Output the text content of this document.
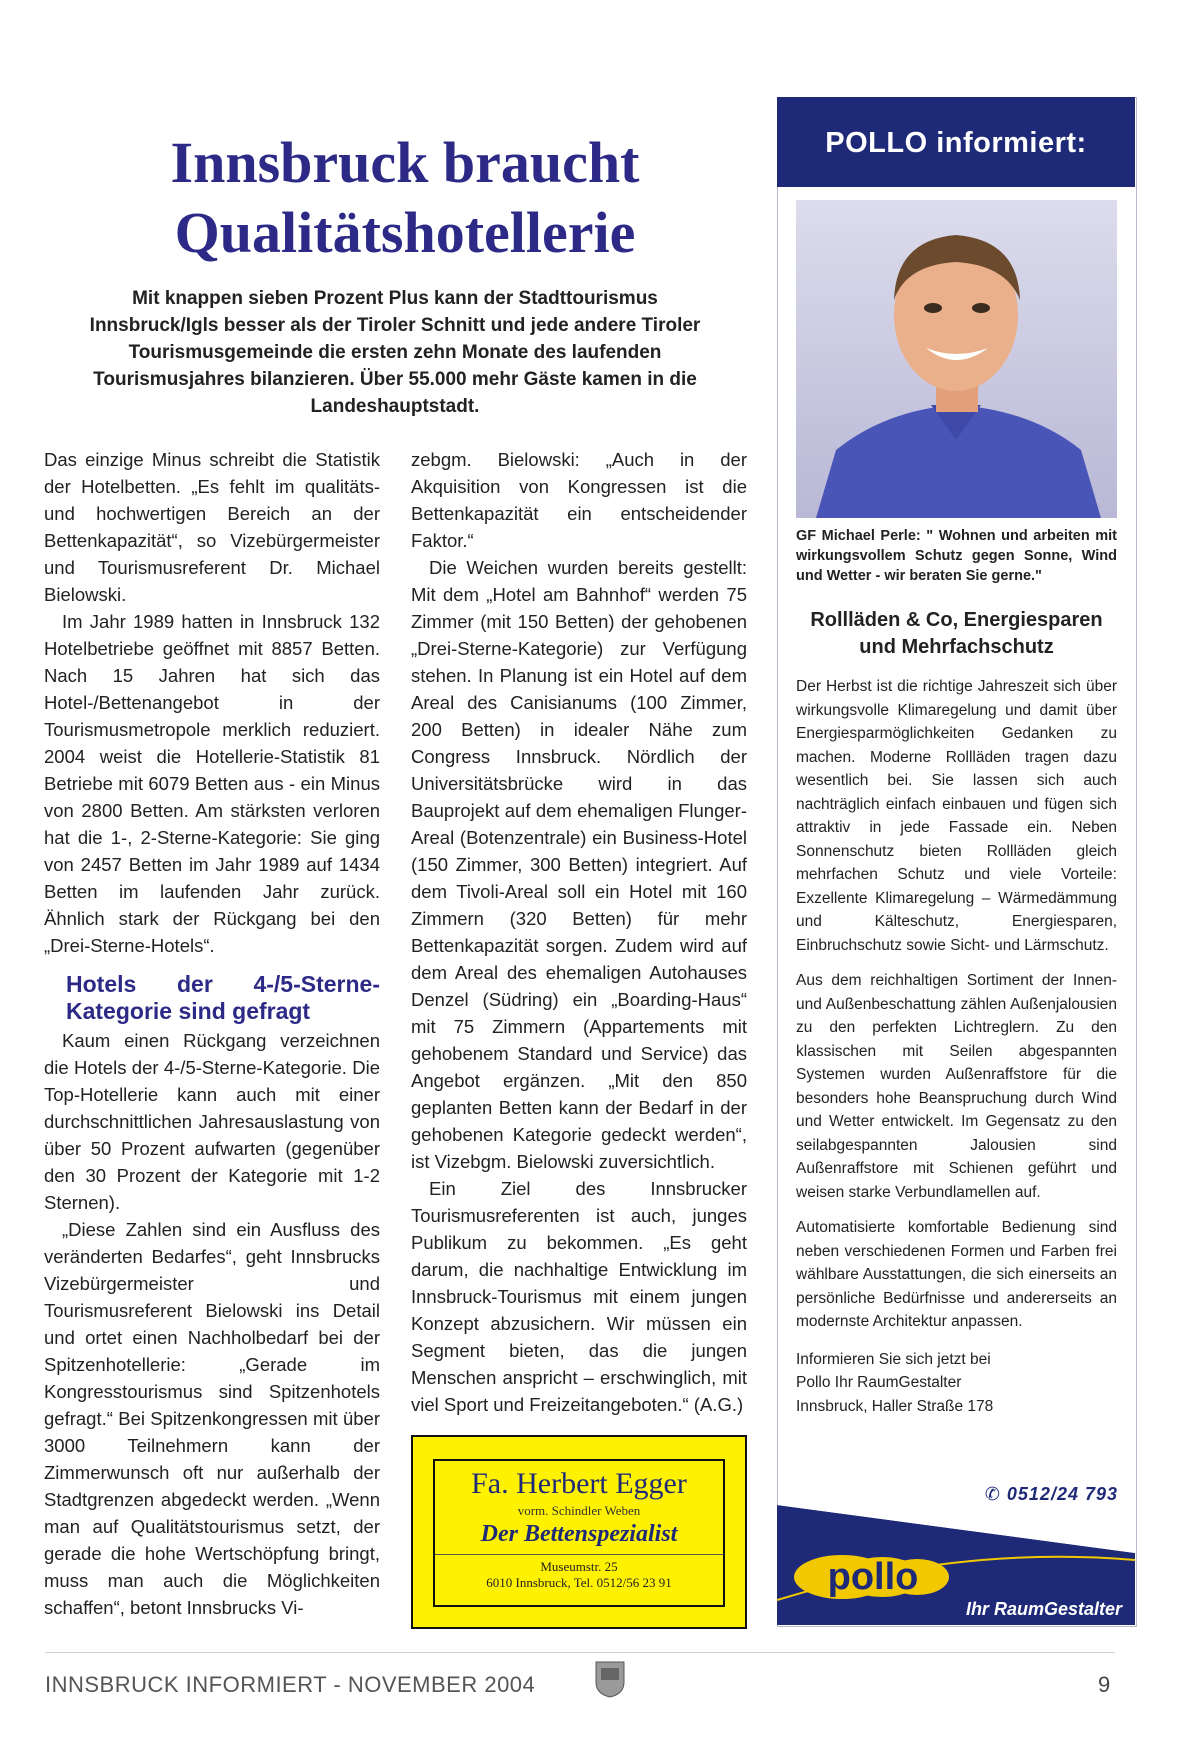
Innsbruck braucht
Qualitätshotellerie

Mit knappen sieben Prozent Plus kann der Stadttourismus Innsbruck/Igls besser als der Tiroler Schnitt und jede andere Tiroler Tourismusgemeinde die ersten zehn Monate des laufenden Tourismusjahres bilanzieren. Über 55.000 mehr Gäste kamen in die Landeshauptstadt.

Das einzige Minus schreibt die Statistik der Hotelbetten. „Es fehlt im qualitäts- und hochwertigen Bereich an der Bettenkapazität“, so Vizebürgermeister und Tourismusreferent Dr. Michael Bielowski.

Im Jahr 1989 hatten in Innsbruck 132 Hotelbetriebe geöffnet mit 8857 Betten. Nach 15 Jahren hat sich das Hotel-/Bettenangebot in der Tourismusmetropole merklich reduziert. 2004 weist die Hotellerie-Statistik 81 Betriebe mit 6079 Betten aus - ein Minus von 2800 Betten. Am stärksten verloren hat die 1-, 2-Sterne-Kategorie: Sie ging von 2457 Betten im Jahr 1989 auf 1434 Betten im laufenden Jahr zurück. Ähnlich stark der Rückgang bei den „Drei-Sterne-Hotels“.

Hotels der 4-/5-Sterne-Kategorie sind gefragt

Kaum einen Rückgang verzeichnen die Hotels der 4-/5-Sterne-Kategorie. Die Top-Hotellerie kann auch mit einer durchschnittlichen Jahresauslastung von über 50 Prozent aufwarten (gegenüber den 30 Prozent der Kategorie mit 1-2 Sternen).

„Diese Zahlen sind ein Ausfluss des veränderten Bedarfes“, geht Innsbrucks Vizebürgermeister und Tourismusreferent Bielowski ins Detail und ortet einen Nachholbedarf bei der Spitzenhotellerie: „Gerade im Kongresstourismus sind Spitzenhotels gefragt.“ Bei Spitzenkongressen mit über 3000 Teilnehmern kann der Zimmerwunsch oft nur außerhalb der Stadtgrenzen abgedeckt werden. „Wenn man auf Qualitätstourismus setzt, der gerade die hohe Wertschöpfung bringt, muss man auch die Möglichkeiten schaffen“, betont Innsbrucks Vi-

zebgm. Bielowski: „Auch in der Akquisition von Kongressen ist die Bettenkapazität ein entscheidender Faktor.“

Die Weichen wurden bereits gestellt: Mit dem „Hotel am Bahnhof“ werden 75 Zimmer (mit 150 Betten) der gehobenen „Drei-Sterne-Kategorie) zur Verfügung stehen. In Planung ist ein Hotel auf dem Areal des Canisianums (100 Zimmer, 200 Betten) in idealer Nähe zum Congress Innsbruck. Nördlich der Universitätsbrücke wird in das Bauprojekt auf dem ehemaligen Flunger-Areal (Botenzentrale) ein Business-Hotel (150 Zimmer, 300 Betten) integriert. Auf dem Tivoli-Areal soll ein Hotel mit 160 Zimmern (320 Betten) für mehr Bettenkapazität sorgen. Zudem wird auf dem Areal des ehemaligen Autohauses Denzel (Südring) ein „Boarding-Haus“ mit 75 Zimmern (Appartements mit gehobenem Standard und Service) das Angebot ergänzen. „Mit den 850 geplanten Betten kann der Bedarf in der gehobenen Kategorie gedeckt werden“, ist Vizebgm. Bielowski zuversichtlich.

Ein Ziel des Innsbrucker Tourismusreferenten ist auch, junges Publikum zu bekommen. „Es geht darum, die nachhaltige Entwicklung im Innsbruck-Tourismus mit einem jungen Konzept abzusichern. Wir müssen ein Segment bieten, das die jungen Menschen anspricht – erschwinglich, mit viel Sport und Freizeitangeboten.“ (A.G.)

Fa. Herbert Egger
vorm. Schindler Weben
Der Bettenspezialist
Museumstr. 25
6010 Innsbruck, Tel. 0512/56 23 91
POLLO informiert:

GF Michael Perle: " Wohnen und arbeiten mit wirkungsvollem Schutz gegen Sonne, Wind und Wetter - wir beraten Sie gerne."

Rollläden & Co, Energiesparen und Mehrfachschutz

Der Herbst ist die richtige Jahreszeit sich über wirkungsvolle Klimaregelung und damit über Energiesparmöglichkeiten Gedanken zu machen. Moderne Rollläden tragen dazu wesentlich bei. Sie lassen sich auch nachträglich einfach einbauen und fügen sich attraktiv in jede Fassade ein. Neben Sonnenschutz bieten Rollläden gleich mehrfachen Schutz und viele Vorteile: Exzellente Klimaregelung – Wärmedämmung und Kälteschutz, Energiesparen, Einbruchschutz sowie Sicht- und Lärmschutz.

Aus dem reichhaltigen Sortiment der Innen- und Außenbeschattung zählen Außenjalousien zu den perfekten Lichtreglern. Zu den klassischen mit Seilen abgespannten Systemen wurden Außenraffstore für die besonders hohe Beanspruchung durch Wind und Wetter entwickelt. Im Gegensatz zu den seilabgespannten Jalousien sind Außenraffstore mit Schienen geführt und weisen starke Verbundlamellen auf.

Automatisierte komfortable Bedienung sind neben verschiedenen Formen und Farben frei wählbare Ausstattungen, die sich einerseits an persönliche Bedürfnisse und andererseits an modernste Architektur anpassen.

Informieren Sie sich jetzt bei
Pollo Ihr RaumGestalter
Innsbruck, Haller Straße 178

✆ 0512/24 793
pollo
Ihr RaumGestalter
INNSBRUCK INFORMIERT - NOVEMBER 2004	9
